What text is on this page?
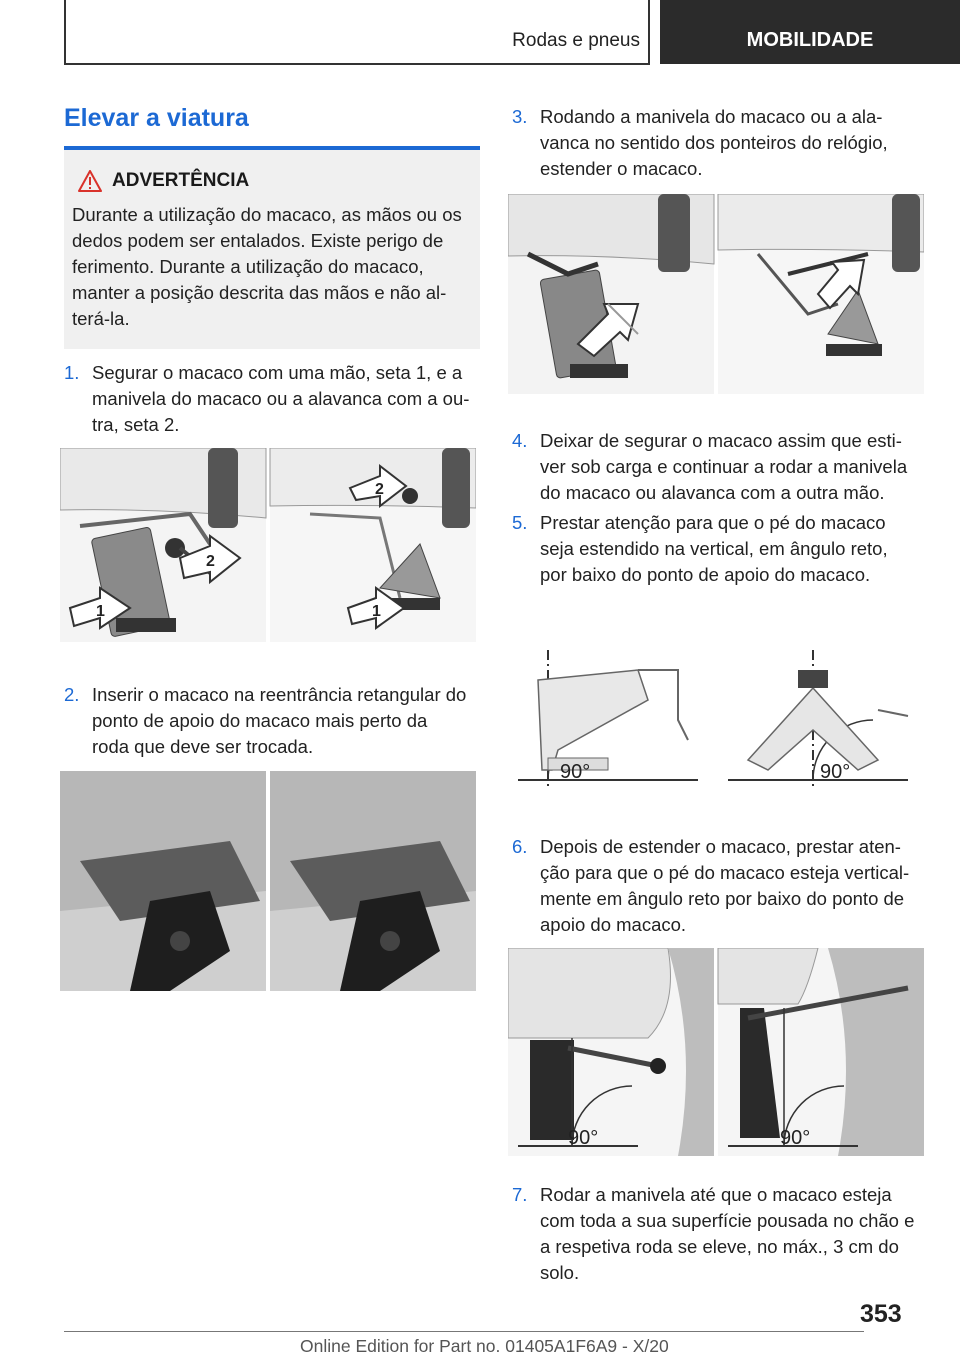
Rodas e pneus	MOBILIDADE
Elevar a viatura
ADVERTÊNCIA
Durante a utilização do macaco, as mãos ou os dedos podem ser entalados. Existe perigo de ferimento. Durante a utilização do macaco, manter a posição descrita das mãos e não al-terá-la.
1. Segurar o macaco com uma mão, seta 1, e a
manivela do macaco ou a alavanca com a ou-
tra, seta 2.
1
2
2
1
2. Inserir o macaco na reentrância retangular do
ponto de apoio do macaco mais perto da
roda que deve ser trocada.
3. Rodando a manivela do macaco ou a ala-
vanca no sentido dos ponteiros do relógio,
estender o macaco.
4. Deixar de segurar o macaco assim que esti-
ver sob carga e continuar a rodar a manivela
do macaco ou alavanca com a outra mão.
5. Prestar atenção para que o pé do macaco
seja estendido na vertical, em ângulo reto,
por baixo do ponto de apoio do macaco.
90°	90°
6. Depois de estender o macaco, prestar aten-
ção para que o pé do macaco esteja vertical-
mente em ângulo reto por baixo do ponto de
apoio do macaco.
90°	90°
7. Rodar a manivela até que o macaco esteja
com toda a sua superfície pousada no chão e
a respetiva roda se eleve, no máx., 3 cm do
solo.
353
Online Edition for Part no. 01405A1F6A9 - X/20
